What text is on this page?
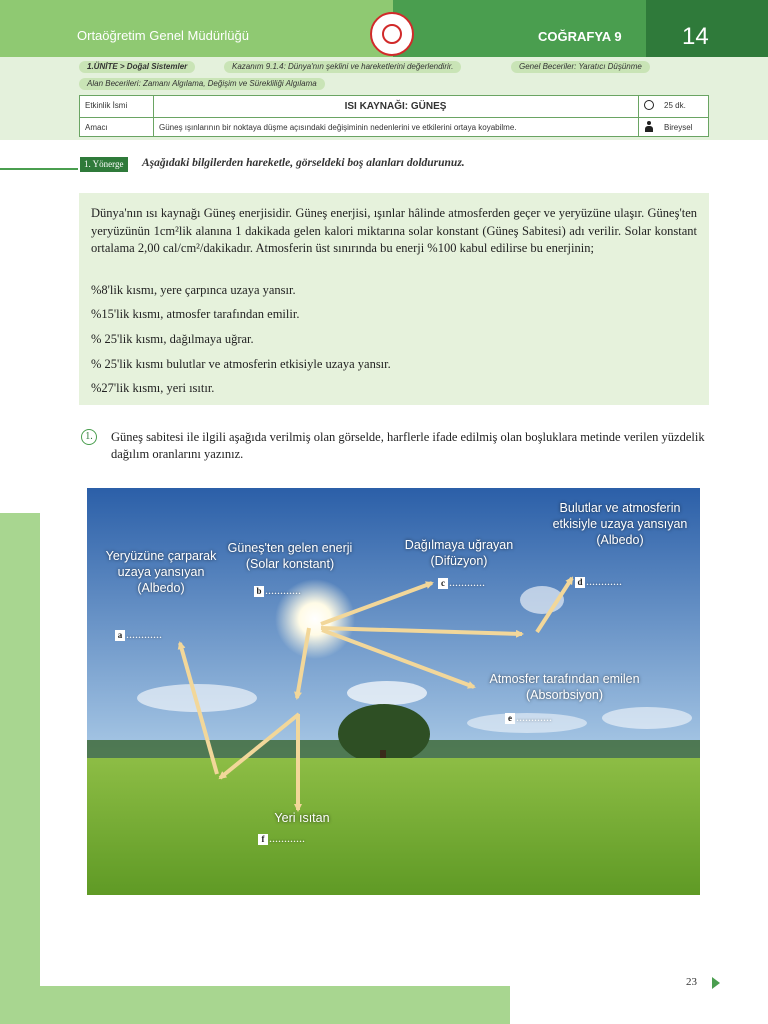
Ortaöğretim Genel Müdürlüğü	COĞRAFYA 9	14
1.ÜNİTE > Doğal Sistemler	Kazanım 9.1.4: Dünya'nın şeklini ve hareketlerini değerlendirir.	Genel Beceriler: Yaratıcı Düşünme
Alan Becerileri: Zamanı Algılama, Değişim ve Sürekliliği Algılama
Etkinlik İsmi	ISI KAYNAĞI: GÜNEŞ	25 dk.
Amacı	Güneş ışınlarının bir noktaya düşme açısındaki değişiminin nedenlerini ve etkilerini ortaya koyabilme.	Bireysel
1. Yönerge	Aşağıdaki bilgilerden hareketle, görseldeki boş alanları doldurunuz.
Dünya'nın ısı kaynağı Güneş enerjisidir. Güneş enerjisi, ışınlar hâlinde atmosferden geçer ve yeryüzüne ulaşır. Güneş'ten yeryüzünün 1cm²lik alanına 1 dakikada gelen kalori miktarına solar konstant (Güneş Sabitesi) adı verilir. Solar konstant ortalama 2,00 cal/cm²/dakikadır. Atmosferin üst sınırında bu enerji %100 kabul edilirse bu enerjinin;
%8'lik kısmı, yere çarpınca uzaya yansır.
%15'lik kısmı, atmosfer tarafından emilir.
% 25'lik kısmı, dağılmaya uğrar.
% 25'lik kısmı bulutlar ve atmosferin etkisiyle uzaya yansır.
%27'lik kısmı, yeri ısıtır.
1.	Güneş sabitesi ile ilgili aşağıda verilmiş olan görselde, harflerle ifade edilmiş olan boşluklara metinde verilen yüzdelik dağılım oranlarını yazınız.
Yeryüzüne çarparak uzaya yansıyan (Albedo)
a ............
Güneş'ten gelen enerji (Solar konstant)
b ............
Dağılmaya uğrayan (Difüzyon)
c ............
Bulutlar ve atmosferin etkisiyle uzaya yansıyan (Albedo)
d ............
Atmosfer tarafından emilen (Absorbsiyon)
e ............
Yeri ısıtan
f ............
23
